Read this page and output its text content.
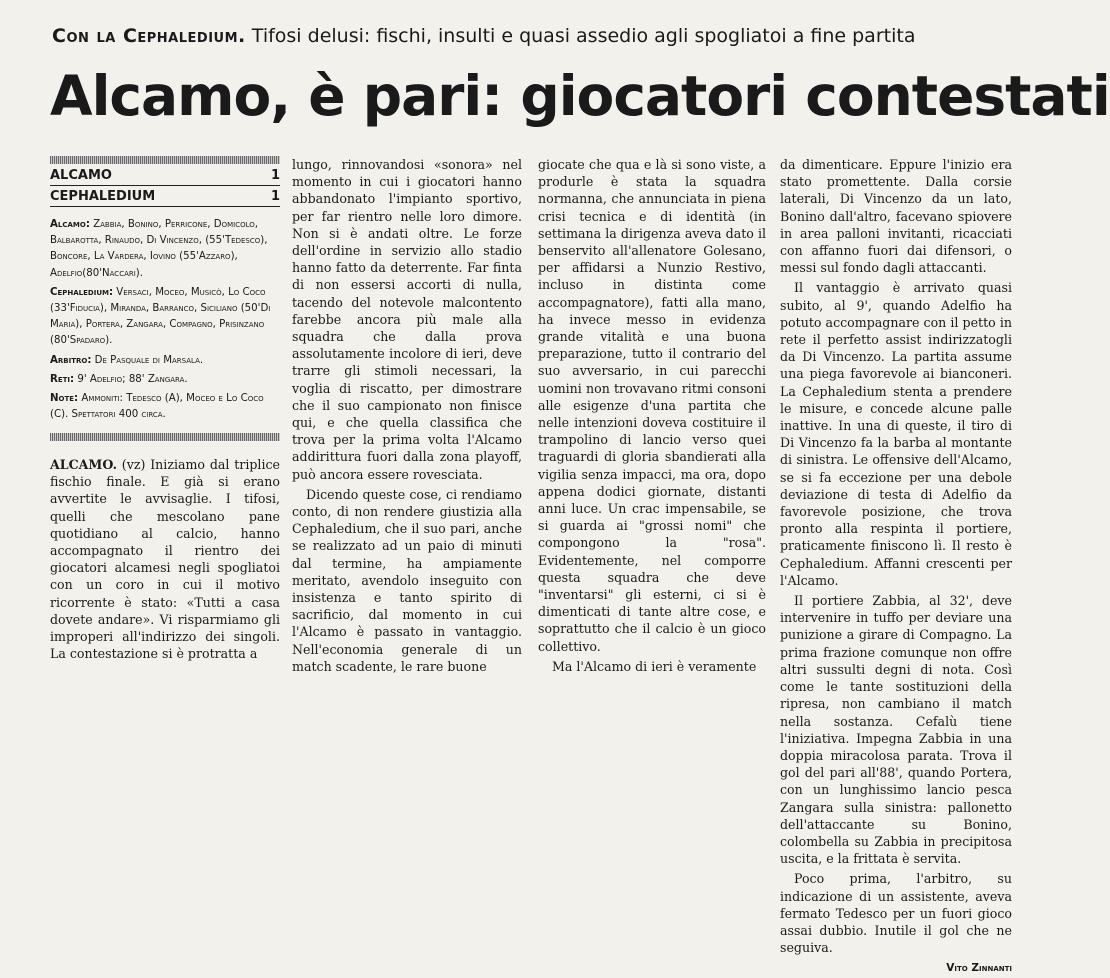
Con la Cephaledium. Tifosi delusi: fischi, insulti e quasi assedio agli spogliatoi a fine partita
Alcamo, è pari: giocatori contestati
ALCAMO	1
CEPHALEDIUM	1

Alcamo: Zabbia, Bonino, Perricone, Domicolo, Balbarotta, Rinaudo, Di Vincenzo, (55'Tedesco), Boncore, La Vardera, Iovino (55'Azzaro), Adelfio(80'Naccari).

Cephaledium: Versaci, Moceo, Musicò, Lo Coco (33'Fiducia), Miranda, Barranco, Siciliano (50'Di Maria), Portera, Zangara, Compagno, Prisinzano (80'Spadaro).

Arbitro: De Pasquale di Marsala.

Reti: 9' Adelfio; 88' Zangara.

Note: Ammoniti: Tedesco (A), Moceo e Lo Coco (C). Spettatori 400 circa.

ALCAMO. (vz) Iniziamo dal triplice fischio finale. E già si erano avvertite le avvisaglie. I tifosi, quelli che mescolano pane quotidiano al calcio, hanno accompagnato il rientro dei giocatori alcamesi negli spogliatoi con un coro in cui il motivo ricorrente è stato: «Tutti a casa dovete andare». Vi risparmiamo gli improperi all'indirizzo dei singoli. La contestazione si è protratta a

lungo, rinnovandosi «sonora» nel momento in cui i giocatori hanno abbandonato l'impianto sportivo, per far rientro nelle loro dimore. Non si è andati oltre. Le forze dell'ordine in servizio allo stadio hanno fatto da deterrente. Far finta di non essersi accorti di nulla, tacendo del notevole malcontento farebbe ancora più male alla squadra che dalla prova assolutamente incolore di ieri, deve trarre gli stimoli necessari, la voglia di riscatto, per dimostrare che il suo campionato non finisce qui, e che quella classifica che trova per la prima volta l'Alcamo addirittura fuori dalla zona playoff, può ancora essere rovesciata.

Dicendo queste cose, ci rendiamo conto, di non rendere giustizia alla Cephaledium, che il suo pari, anche se realizzato ad un paio di minuti dal termine, ha ampiamente meritato, avendolo inseguito con insistenza e tanto spirito di sacrificio, dal momento in cui l'Alcamo è passato in vantaggio. Nell'economia generale di un match scadente, le rare buone

giocate che qua e là si sono viste, a produrle è stata la squadra normanna, che annunciata in piena crisi tecnica e di identità (in settimana la dirigenza aveva dato il benservito all'allenatore Golesano, per affidarsi a Nunzio Restivo, incluso in distinta come accompagnatore), fatti alla mano, ha invece messo in evidenza grande vitalità e una buona preparazione, tutto il contrario del suo avversario, in cui parecchi uomini non trovavano ritmi consoni alle esigenze d'una partita che nelle intenzioni doveva costituire il trampolino di lancio verso quei traguardi di gloria sbandierati alla vigilia senza impacci, ma ora, dopo appena dodici giornate, distanti anni luce. Un crac impensabile, se si guarda ai "grossi nomi" che compongono la "rosa". Evidentemente, nel comporre questa squadra che deve "inventarsi" gli esterni, ci si è dimenticati di tante altre cose, e soprattutto che il calcio è un gioco collettivo.

Ma l'Alcamo di ieri è veramente

da dimenticare. Eppure l'inizio era stato promettente. Dalla corsie laterali, Di Vincenzo da un lato, Bonino dall'altro, facevano spiovere in area palloni invitanti, ricacciati con affanno fuori dai difensori, o messi sul fondo dagli attaccanti.

Il vantaggio è arrivato quasi subito, al 9', quando Adelfio ha potuto accompagnare con il petto in rete il perfetto assist indirizzatogli da Di Vincenzo. La partita assume una piega favorevole ai bianconeri. La Cephaledium stenta a prendere le misure, e concede alcune palle inattive. In una di queste, il tiro di Di Vincenzo fa la barba al montante di sinistra. Le offensive dell'Alcamo, se si fa eccezione per una debole deviazione di testa di Adelfio da favorevole posizione, che trova pronto alla respinta il portiere, praticamente finiscono lì. Il resto è Cephaledium. Affanni crescenti per l'Alcamo.

Il portiere Zabbia, al 32', deve intervenire in tuffo per deviare una punizione a girare di Compagno. La prima frazione comunque non offre altri sussulti degni di nota. Così come le tante sostituzioni della ripresa, non cambiano il match nella sostanza. Cefalù tiene l'iniziativa. Impegna Zabbia in una doppia miracolosa parata. Trova il gol del pari all'88', quando Portera, con un lunghissimo lancio pesca Zangara sulla sinistra: pallonetto dell'attaccante su Bonino, colombella su Zabbia in precipitosa uscita, e la frittata è servita.

Poco prima, l'arbitro, su indicazione di un assistente, aveva fermato Tedesco per un fuori gioco assai dubbio. Inutile il gol che ne seguiva.

Vito Zinnanti
